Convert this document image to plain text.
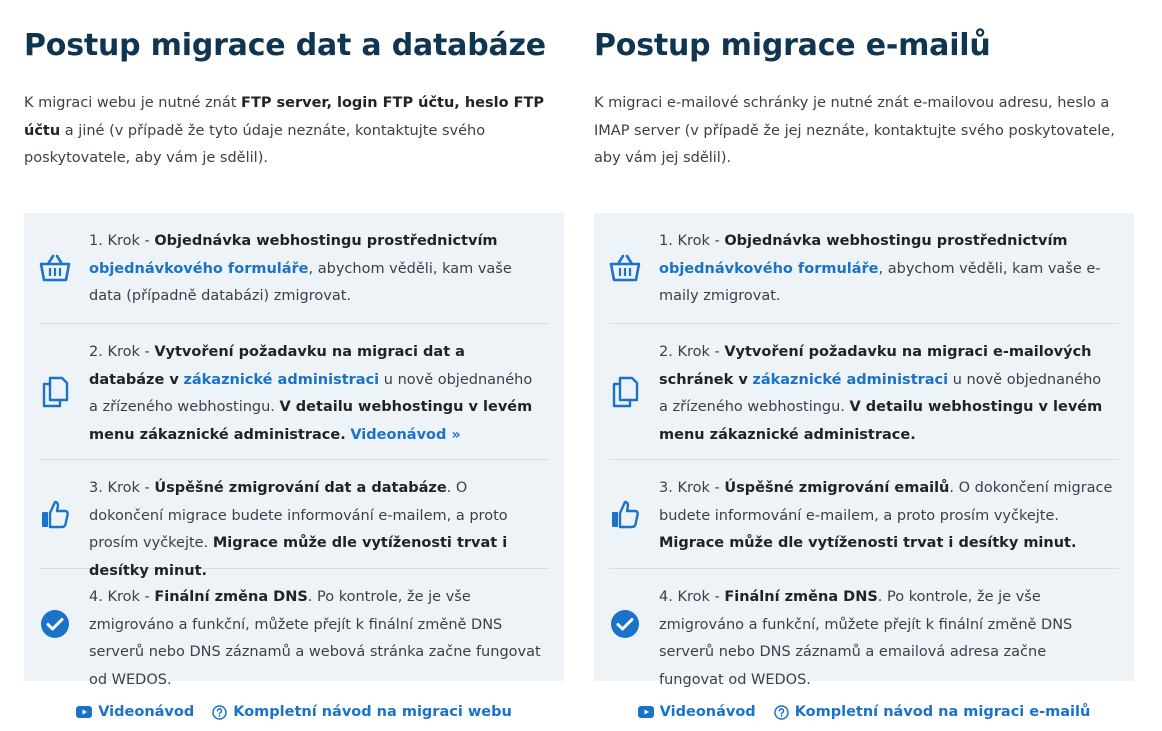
Postup migrace dat a databáze

K migraci webu je nutné znát FTP server, login FTP účtu, heslo FTP účtu a jiné (v případě že tyto údaje neznáte, kontaktujte svého poskytovatele, aby vám je sdělil).

1. Krok - Objednávka webhostingu prostřednictvím objednávkového formuláře, abychom věděli, kam vaše data (případně databázi) zmigrovat.
2. Krok - Vytvoření požadavku na migraci dat a databáze v zákaznické administraci u nově objednaného a zřízeného webhostingu. V detailu webhostingu v levém menu zákaznické administrace. Videonávod »
3. Krok - Úspěšné zmigrování dat a databáze. O dokončení migrace budete informování e-mailem, a proto prosím vyčkejte. Migrace může dle vytíženosti trvat i desítky minut.
4. Krok - Finální změna DNS. Po kontrole, že je vše zmigrováno a funkční, můžete přejít k finální změně DNS serverů nebo DNS záznamů a webová stránka začne fungovat od WEDOS.
Videonávod	Kompletní návod na migraci webu
Postup migrace e-mailů

K migraci e-mailové schránky je nutné znát e-mailovou adresu, heslo a IMAP server (v případě že jej neznáte, kontaktujte svého poskytovatele, aby vám jej sdělil).

1. Krok - Objednávka webhostingu prostřednictvím objednávkového formuláře, abychom věděli, kam vaše e-maily zmigrovat.
2. Krok - Vytvoření požadavku na migraci e-mailových schránek v zákaznické administraci u nově objednaného a zřízeného webhostingu. V detailu webhostingu v levém menu zákaznické administrace.
3. Krok - Úspěšné zmigrování emailů. O dokončení migrace budete informování e-mailem, a proto prosím vyčkejte. Migrace může dle vytíženosti trvat i desítky minut.
4. Krok - Finální změna DNS. Po kontrole, že je vše zmigrováno a funkční, můžete přejít k finální změně DNS serverů nebo DNS záznamů a emailová adresa začne fungovat od WEDOS.
Videonávod	Kompletní návod na migraci e-mailů
